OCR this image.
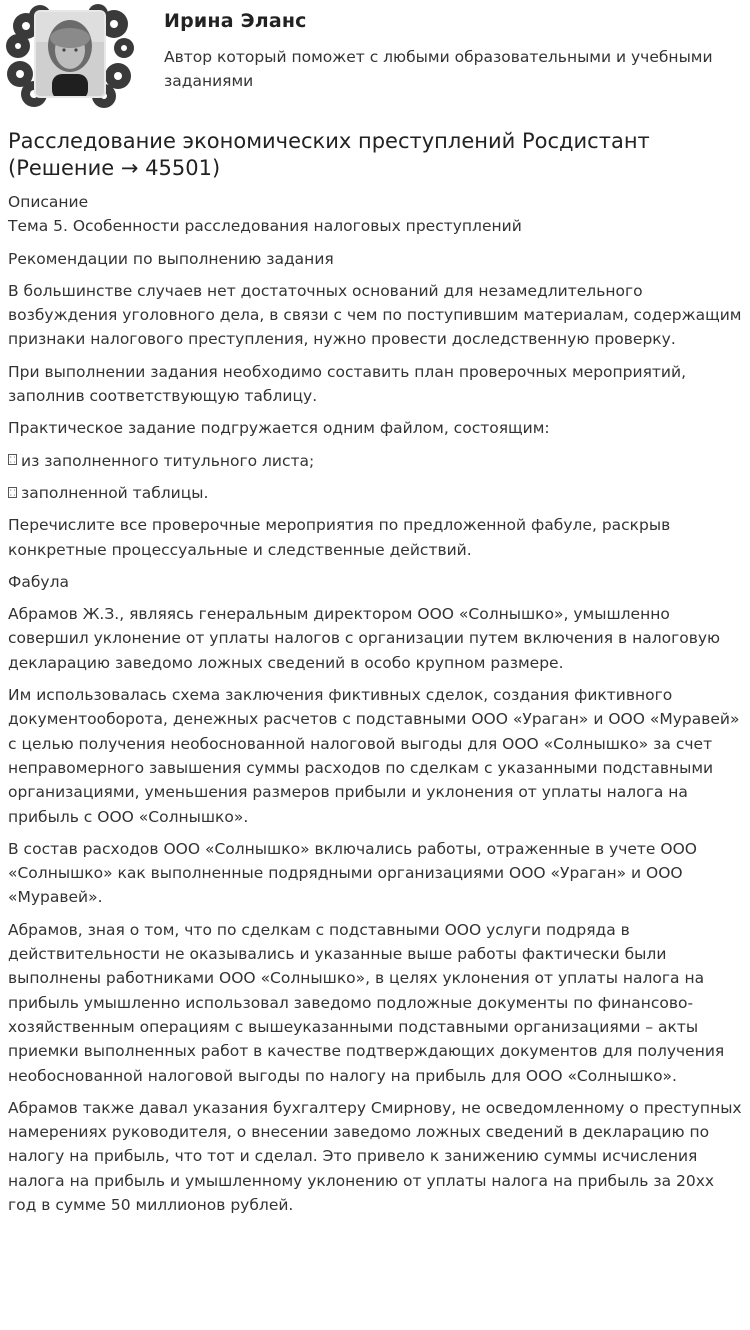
Ирина Эланс
Автор который поможет с любыми образовательными и учебными заданиями
Расследование экономических преступлений Росдистант (Решение → 45501)

Описание

Тема 5. Особенности расследования налоговых преступлений

Рекомендации по выполнению задания

В большинстве случаев нет достаточных оснований для незамедлительного возбуждения уголовного дела, в связи с чем по поступившим материалам, содержащим признаки налогового преступления, нужно провести доследственную проверку.

При выполнении задания необходимо составить план проверочных мероприятий, заполнив соответствующую таблицу.

Практическое задание подгружается одним файлом, состоящим:

··
·· из заполненного титульного листа;
··
·· заполненной таблицы.

Перечислите все проверочные мероприятия по предложенной фабуле, раскрыв конкретные процессуальные и следственные действий.

Фабула

Абрамов Ж.З., являясь генеральным директором ООО «Солнышко», умышленно совершил уклонение от уплаты налогов с организации путем включения в налоговую декларацию заведомо ложных сведений в особо крупном размере.

Им использовалась схема заключения фиктивных сделок, создания фиктивного документооборота, денежных расчетов с подставными ООО «Ураган» и ООО «Муравей» с целью получения необоснованной налоговой выгоды для ООО «Солнышко» за счет неправомерного завышения суммы расходов по сделкам с указанными подставными организациями, уменьшения размеров прибыли и уклонения от уплаты налога на прибыль с ООО «Солнышко».

В состав расходов ООО «Солнышко» включались работы, отраженные в учете ООО «Солнышко» как выполненные подрядными организациями ООО «Ураган» и ООО «Муравей».

Абрамов, зная о том, что по сделкам с подставными ООО услуги подряда в действительности не оказывались и указанные выше работы фактически были выполнены работниками ООО «Солнышко», в целях уклонения от уплаты налога на прибыль умышленно использовал заведомо подложные документы по финансово-хозяйственным операциям с вышеуказанными подставными организациями – акты приемки выполненных работ в качестве подтверждающих документов для получения необоснованной налоговой выгоды по налогу на прибыль для ООО «Солнышко».

Абрамов также давал указания бухгалтеру Смирнову, не осведомленному о преступных намерениях руководителя, о внесении заведомо ложных сведений в декларацию по налогу на прибыль, что тот и сделал. Это привело к занижению суммы исчисления налога на прибыль и умышленному уклонению от уплаты налога на прибыль за 20хх год в сумме 50 миллионов рублей.
